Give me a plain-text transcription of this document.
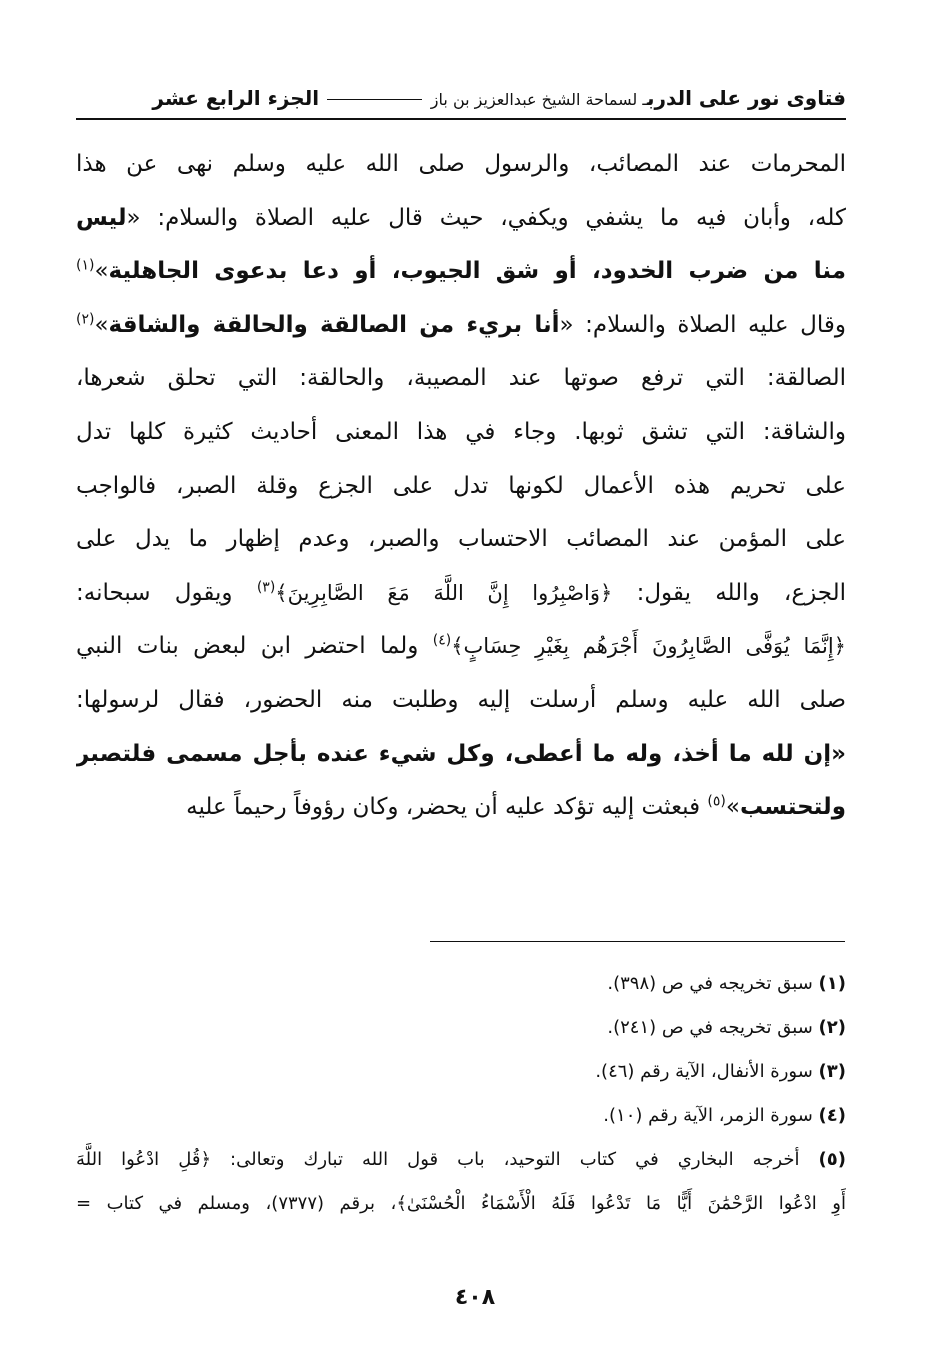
فتاوى نور على الدربـ لسماحة الشيخ عبدالعزيز بن باز  الجزء الرابع عشر
المحرمات عند المصائب، والرسول صلى الله عليه وسلم نهى عن هذا
كله، وأبان فيه ما يشفي ويكفي، حيث قال عليه الصلاة والسلام: «ليس
منا من ضرب الخدود، أو شق الجيوب، أو دعا بدعوى الجاهلية»$^{(١)}$
وقال عليه الصلاة والسلام: «أنا بريء من الصالقة والحالقة والشاقة»$^{(٢)}$
الصالقة: التي ترفع صوتها عند المصيبة، والحالقة: التي تحلق شعرها،
والشاقة: التي تشق ثوبها. وجاء في هذا المعنى أحاديث كثيرة كلها تدل
على تحريم هذه الأعمال لكونها تدل على الجزع وقلة الصبر، فالواجب
على المؤمن عند المصائب الاحتساب والصبر، وعدم إظهار ما يدل على
الجزع، والله يقول: ﴿وَاصْبِرُوا إِنَّ اللَّهَ مَعَ الصَّابِرِينَ﴾$^{(٣)}$ ويقول سبحانه:
﴿إِنَّمَا يُوَفَّى الصَّابِرُونَ أَجْرَهُم بِغَيْرِ حِسَابٍ﴾$^{(٤)}$ ولما احتضر ابن لبعض بنات النبي
صلى الله عليه وسلم أرسلت إليه وطلبت منه الحضور، فقال لرسولها:
«إن لله ما أخذ، وله ما أعطى، وكل شيء عنده بأجل مسمى فلتصبر
ولتحتسب»$^{(٥)}$ فبعثت إليه تؤكد عليه أن يحضر، وكان رؤوفاً رحيماً عليه
(١) سبق تخريجه في ص (٣٩٨).
(٢) سبق تخريجه في ص (٢٤١).
(٣) سورة الأنفال، الآية رقم (٤٦).
(٤) سورة الزمر، الآية رقم (١٠).
(٥) أخرجه البخاري في كتاب التوحيد، باب قول الله تبارك وتعالى: ﴿قُلِ ادْعُوا اللَّهَ
أَوِ ادْعُوا الرَّحْمَٰنَ أَيًّا مَا تَدْعُوا فَلَهُ الْأَسْمَاءُ الْحُسْنَىٰ﴾، برقم (٧٣٧٧)، ومسلم في كتاب =
٤٠٨
